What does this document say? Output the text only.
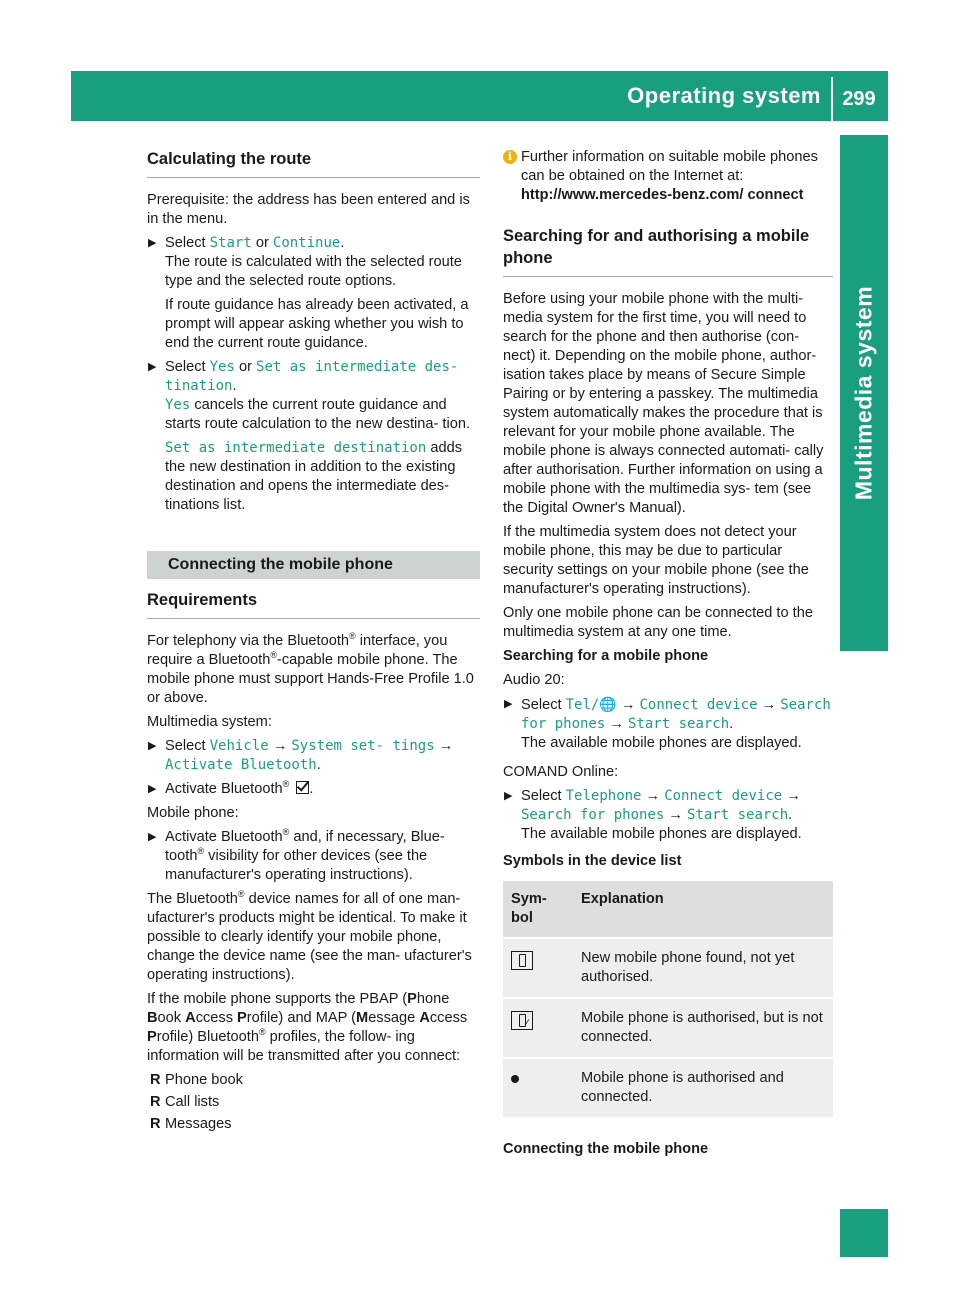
Operating system	299
Multimedia system
Calculating the route

Prerequisite: the address has been entered and is in the menu.

▶ Select Start or Continue.
The route is calculated with the selected route type and the selected route options.

If route guidance has already been activated, a prompt will appear asking whether you wish to end the current route guidance.

▶ Select Yes or Set as intermediate des‐ tination.
Yes cancels the current route guidance and starts route calculation to the new destina‐ tion.
Set as intermediate destination adds the new destination in addition to the existing destination and opens the intermediate des‐ tinations list.
Connecting the mobile phone
Requirements

For telephony via the Bluetooth® interface, you require a Bluetooth®-capable mobile phone. The mobile phone must support Hands-Free Profile 1.0 or above.

Multimedia system:

▶ Select Vehicle → System set‐ tings → Activate Bluetooth.
▶ Activate Bluetooth® .

Mobile phone:

▶ Activate Bluetooth® and, if necessary, Blue‐ tooth® visibility for other devices (see the manufacturer's operating instructions).

The Bluetooth® device names for all of one man‐ ufacturer's products might be identical. To make it possible to clearly identify your mobile phone, change the device name (see the man‐ ufacturer's operating instructions).

If the mobile phone supports the PBAP (Phone Book Access Profile) and MAP (Message Access Profile) Bluetooth® profiles, the follow‐ ing information will be transmitted after you connect:

R Phone book
R Call lists
R Messages
i Further information on suitable mobile phones can be obtained on the Internet at:
http://www.mercedes-benz.com/ connect
Searching for and authorising a mobile phone

Before using your mobile phone with the multi‐ media system for the first time, you will need to search for the phone and then authorise (con‐ nect) it. Depending on the mobile phone, author‐ isation takes place by means of Secure Simple Pairing or by entering a passkey. The multimedia system automatically makes the procedure that is relevant for your mobile phone available. The mobile phone is always connected automati‐ cally after authorisation. Further information on using a mobile phone with the multimedia sys‐ tem (see the Digital Owner's Manual).

If the multimedia system does not detect your mobile phone, this may be due to particular security settings on your mobile phone (see the manufacturer's operating instructions).

Only one mobile phone can be connected to the multimedia system at any one time.

Searching for a mobile phone

Audio 20:

▶ Select Tel/🌐 → Connect device → Search for phones → Start search.
The available mobile phones are displayed.

COMAND Online:

▶ Select Telephone → Connect device → Search for phones → Start search.
The available mobile phones are displayed.

Symbols in the device list

Sym‐ bol	Explanation

	New mobile phone found, not yet authorised.

✓	Mobile phone is authorised, but is not connected.
	Mobile phone is authorised and connected.

Connecting the mobile phone
